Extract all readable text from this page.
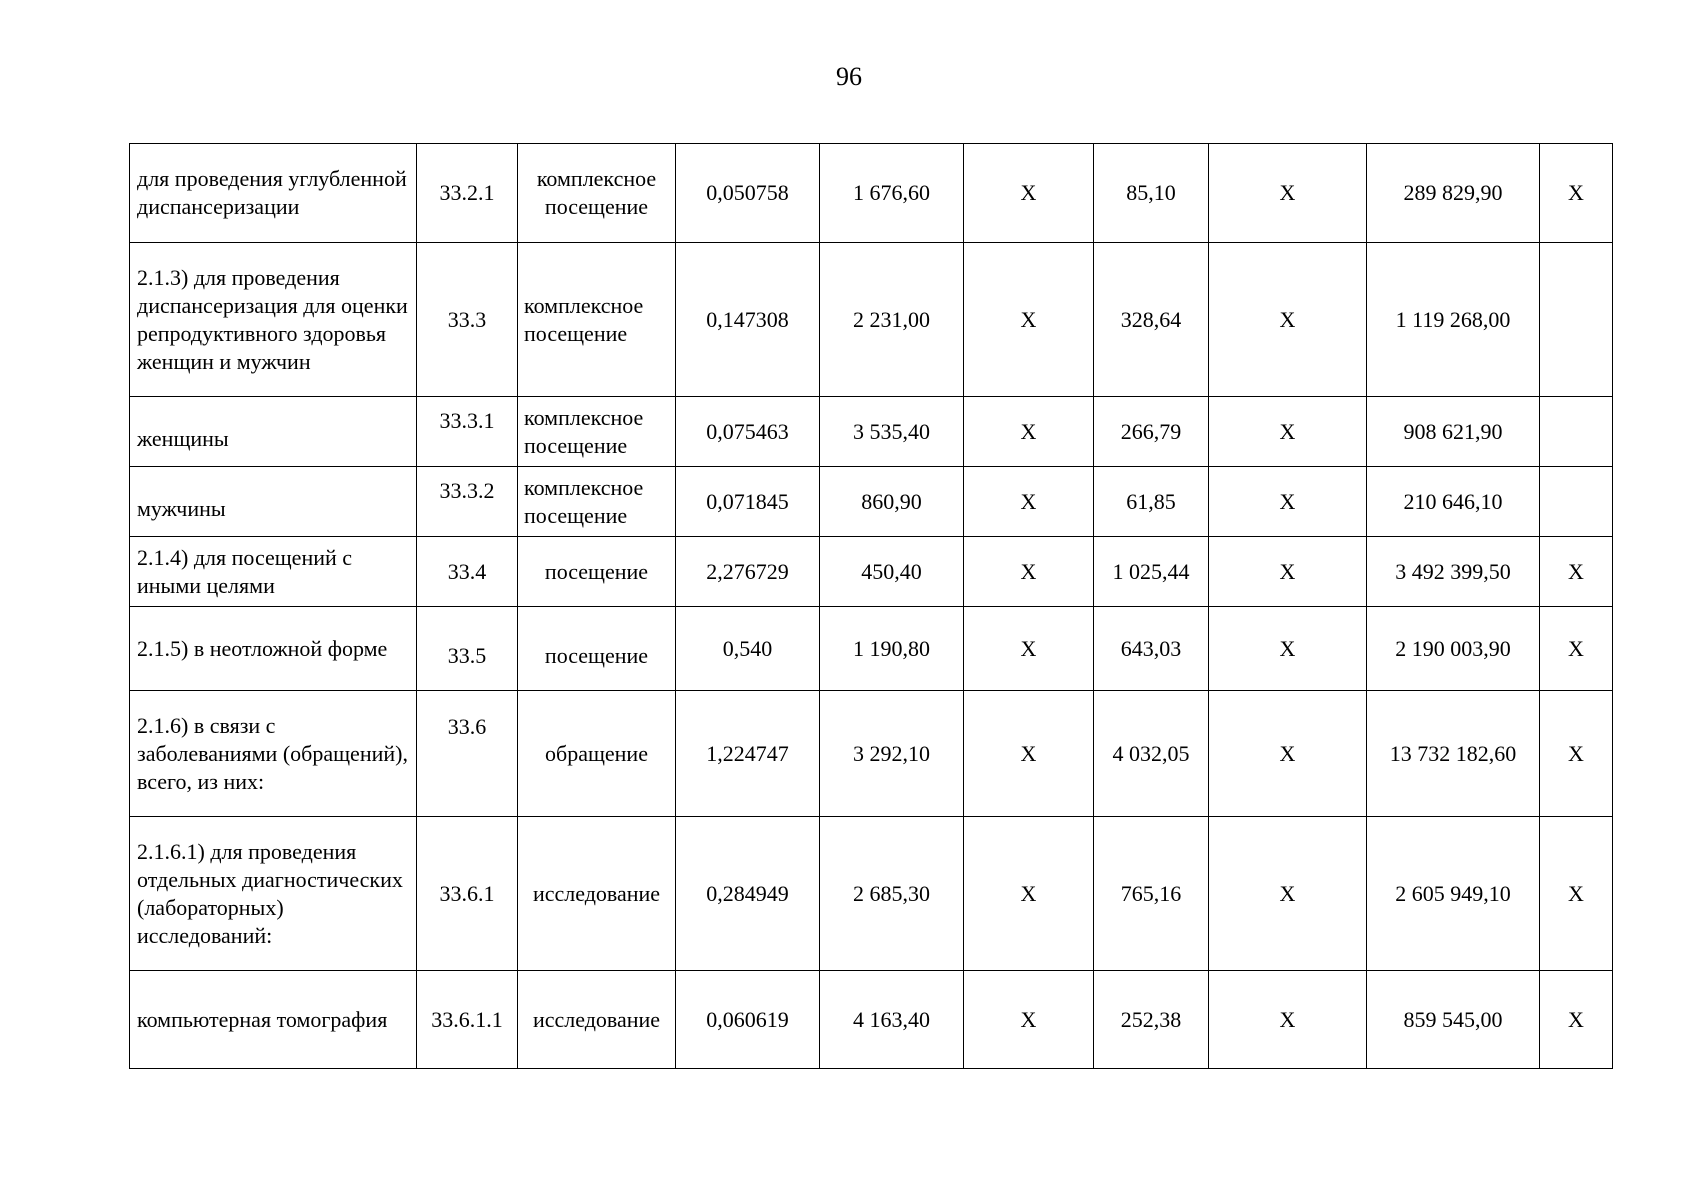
96
для проведения углубленной диспансеризации	33.2.1	комплексное посещение	0,050758	1 676,60	X	85,10	X	289 829,90	X
2.1.3) для проведения диспансеризация для оценки репродуктивного здоровья женщин и мужчин	33.3	комплексное посещение	0,147308	2 231,00	X	328,64	X	1 119 268,00	
женщины	33.3.1	комплексное посещение	0,075463	3 535,40	X	266,79	X	908 621,90	
мужчины	33.3.2	комплексное посещение	0,071845	860,90	X	61,85	X	210 646,10	
2.1.4) для посещений с иными целями	33.4	посещение	2,276729	450,40	X	1 025,44	X	3 492 399,50	X
2.1.5) в неотложной форме	33.5	посещение	0,540	1 190,80	X	643,03	X	2 190 003,90	X
2.1.6) в связи с заболеваниями (обращений), всего, из них:	33.6	обращение	1,224747	3 292,10	X	4 032,05	X	13 732 182,60	X
2.1.6.1) для проведения отдельных диагностических (лабораторных) исследований:	33.6.1	исследование	0,284949	2 685,30	X	765,16	X	2 605 949,10	X
компьютерная томография	33.6.1.1	исследование	0,060619	4 163,40	X	252,38	X	859 545,00	X
